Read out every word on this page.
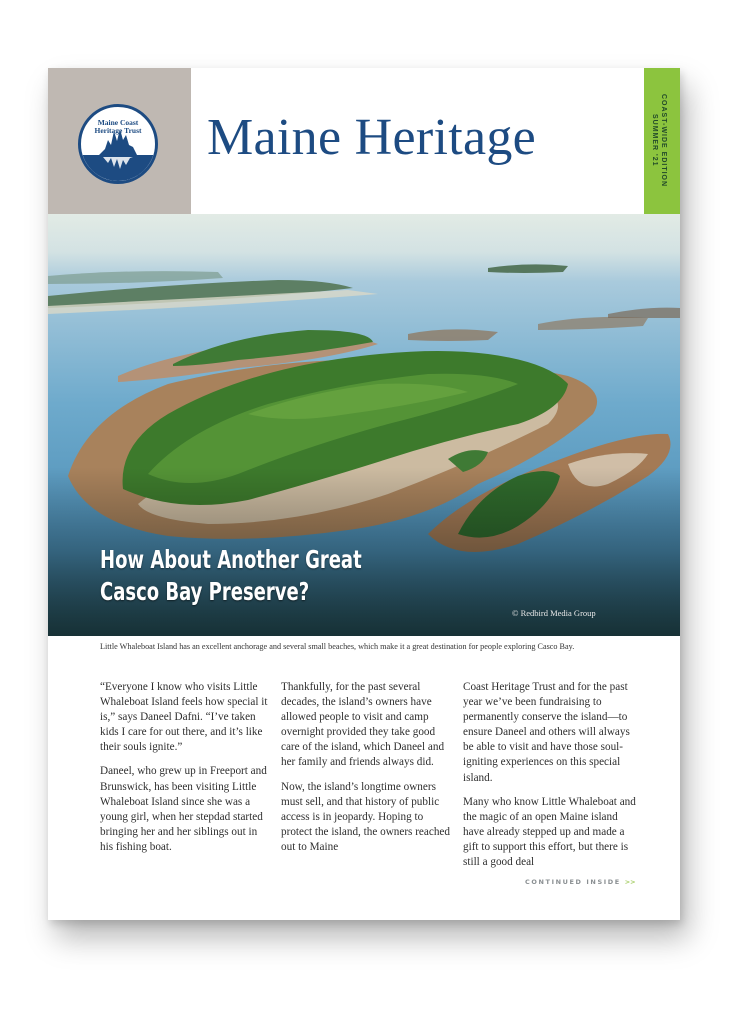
Maine Coast
Heritage Trust Maine Heritage	COAST-WIDE EDITION
SUMMER '21
How About Another Great
Casco Bay Preserve?
© Redbird Media Group
Little Whaleboat Island has an excellent anchorage and several small beaches, which make it a great destination for people exploring Casco Bay.

“Everyone I know who visits Little Whaleboat Island feels how special it is,” says Daneel Dafni. “I’ve taken kids I care for out there, and it’s like their souls ignite.”

Daneel, who grew up in Freeport and Brunswick, has been visiting Little Whaleboat Island since she was a young girl, when her stepdad started bringing her and her siblings out in his fishing boat.

Thankfully, for the past several decades, the island’s owners have allowed people to visit and camp overnight provided they take good care of the island, which Daneel and her family and friends always did.

Now, the island’s longtime owners must sell, and that history of public access is in jeopardy. Hoping to protect the island, the owners reached out to Maine

Coast Heritage Trust and for the past year we’ve been fundraising to permanently conserve the island—to ensure Daneel and others will always be able to visit and have those soul-igniting experiences on this special island.

Many who know Little Whaleboat and the magic of an open Maine island have already stepped up and made a gift to support this effort, but there is still a good deal

CONTINUED INSIDE >>
